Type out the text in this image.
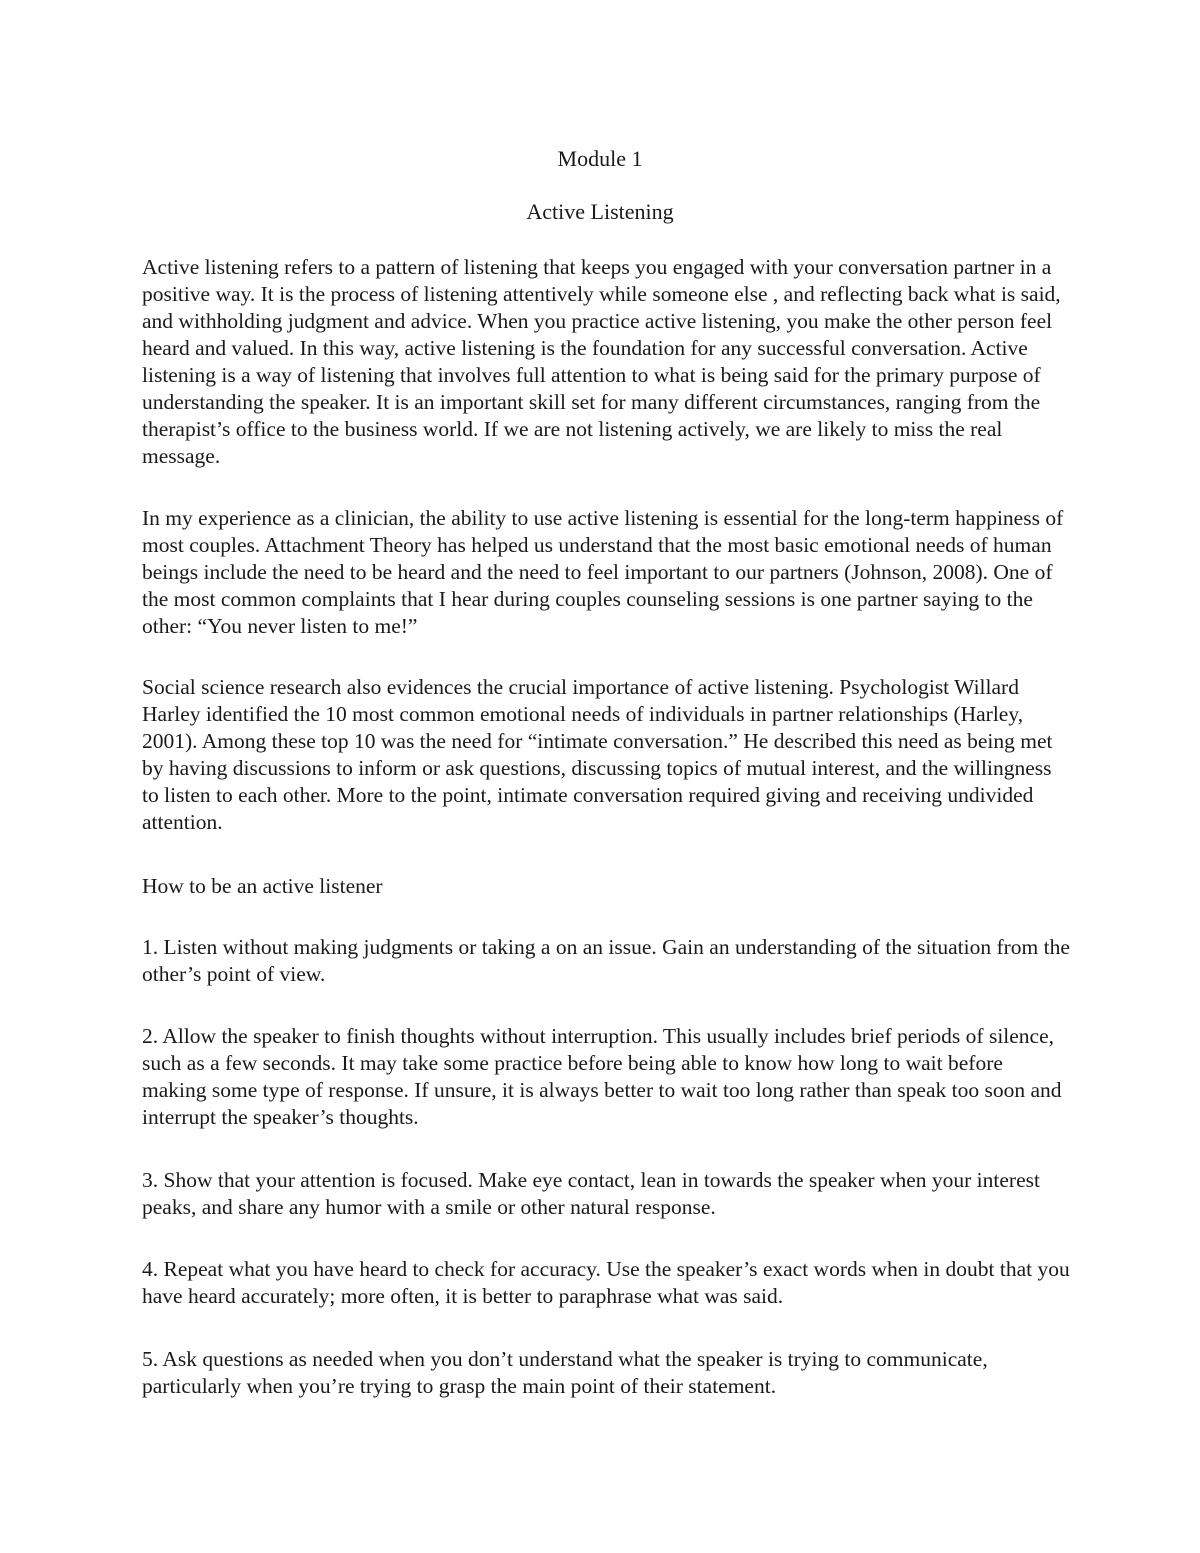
Module 1
Active Listening

Active listening refers to a pattern of listening that keeps you engaged with your conversation partner in a positive way. It is the process of listening attentively while someone else , and reflecting back what is said, and withholding judgment and advice. When you practice active listening, you make the other person feel heard and valued. In this way, active listening is the foundation for any successful conversation. Active listening is a way of listening that involves full attention to what is being said for the primary purpose of understanding the speaker. It is an important skill set for many different circumstances, ranging from the therapist’s office to the business world. If we are not listening actively, we are likely to miss the real message.

In my experience as a clinician, the ability to use active listening is essential for the long-term happiness of most couples. Attachment Theory has helped us understand that the most basic emotional needs of human beings include the need to be heard and the need to feel important to our partners (Johnson, 2008). One of the most common complaints that I hear during couples counseling sessions is one partner saying to the other: “You never listen to me!”

Social science research also evidences the crucial importance of active listening. Psychologist Willard Harley identified the 10 most common emotional needs of individuals in partner relationships (Harley, 2001). Among these top 10 was the need for “intimate conversation.” He described this need as being met by having discussions to inform or ask questions, discussing topics of mutual interest, and the willingness to listen to each other. More to the point, intimate conversation required giving and receiving undivided attention.

How to be an active listener

1. Listen without making judgments or taking a on an issue. Gain an understanding of the situation from the other’s point of view.

2. Allow the speaker to finish thoughts without interruption. This usually includes brief periods of silence, such as a few seconds. It may take some practice before being able to know how long to wait before making some type of response. If unsure, it is always better to wait too long rather than speak too soon and interrupt the speaker’s thoughts.

3. Show that your attention is focused. Make eye contact, lean in towards the speaker when your interest peaks, and share any humor with a smile or other natural response.

4. Repeat what you have heard to check for accuracy. Use the speaker’s exact words when in doubt that you have heard accurately; more often, it is better to paraphrase what was said.

5. Ask questions as needed when you don’t understand what the speaker is trying to communicate, particularly when you’re trying to grasp the main point of their statement.
